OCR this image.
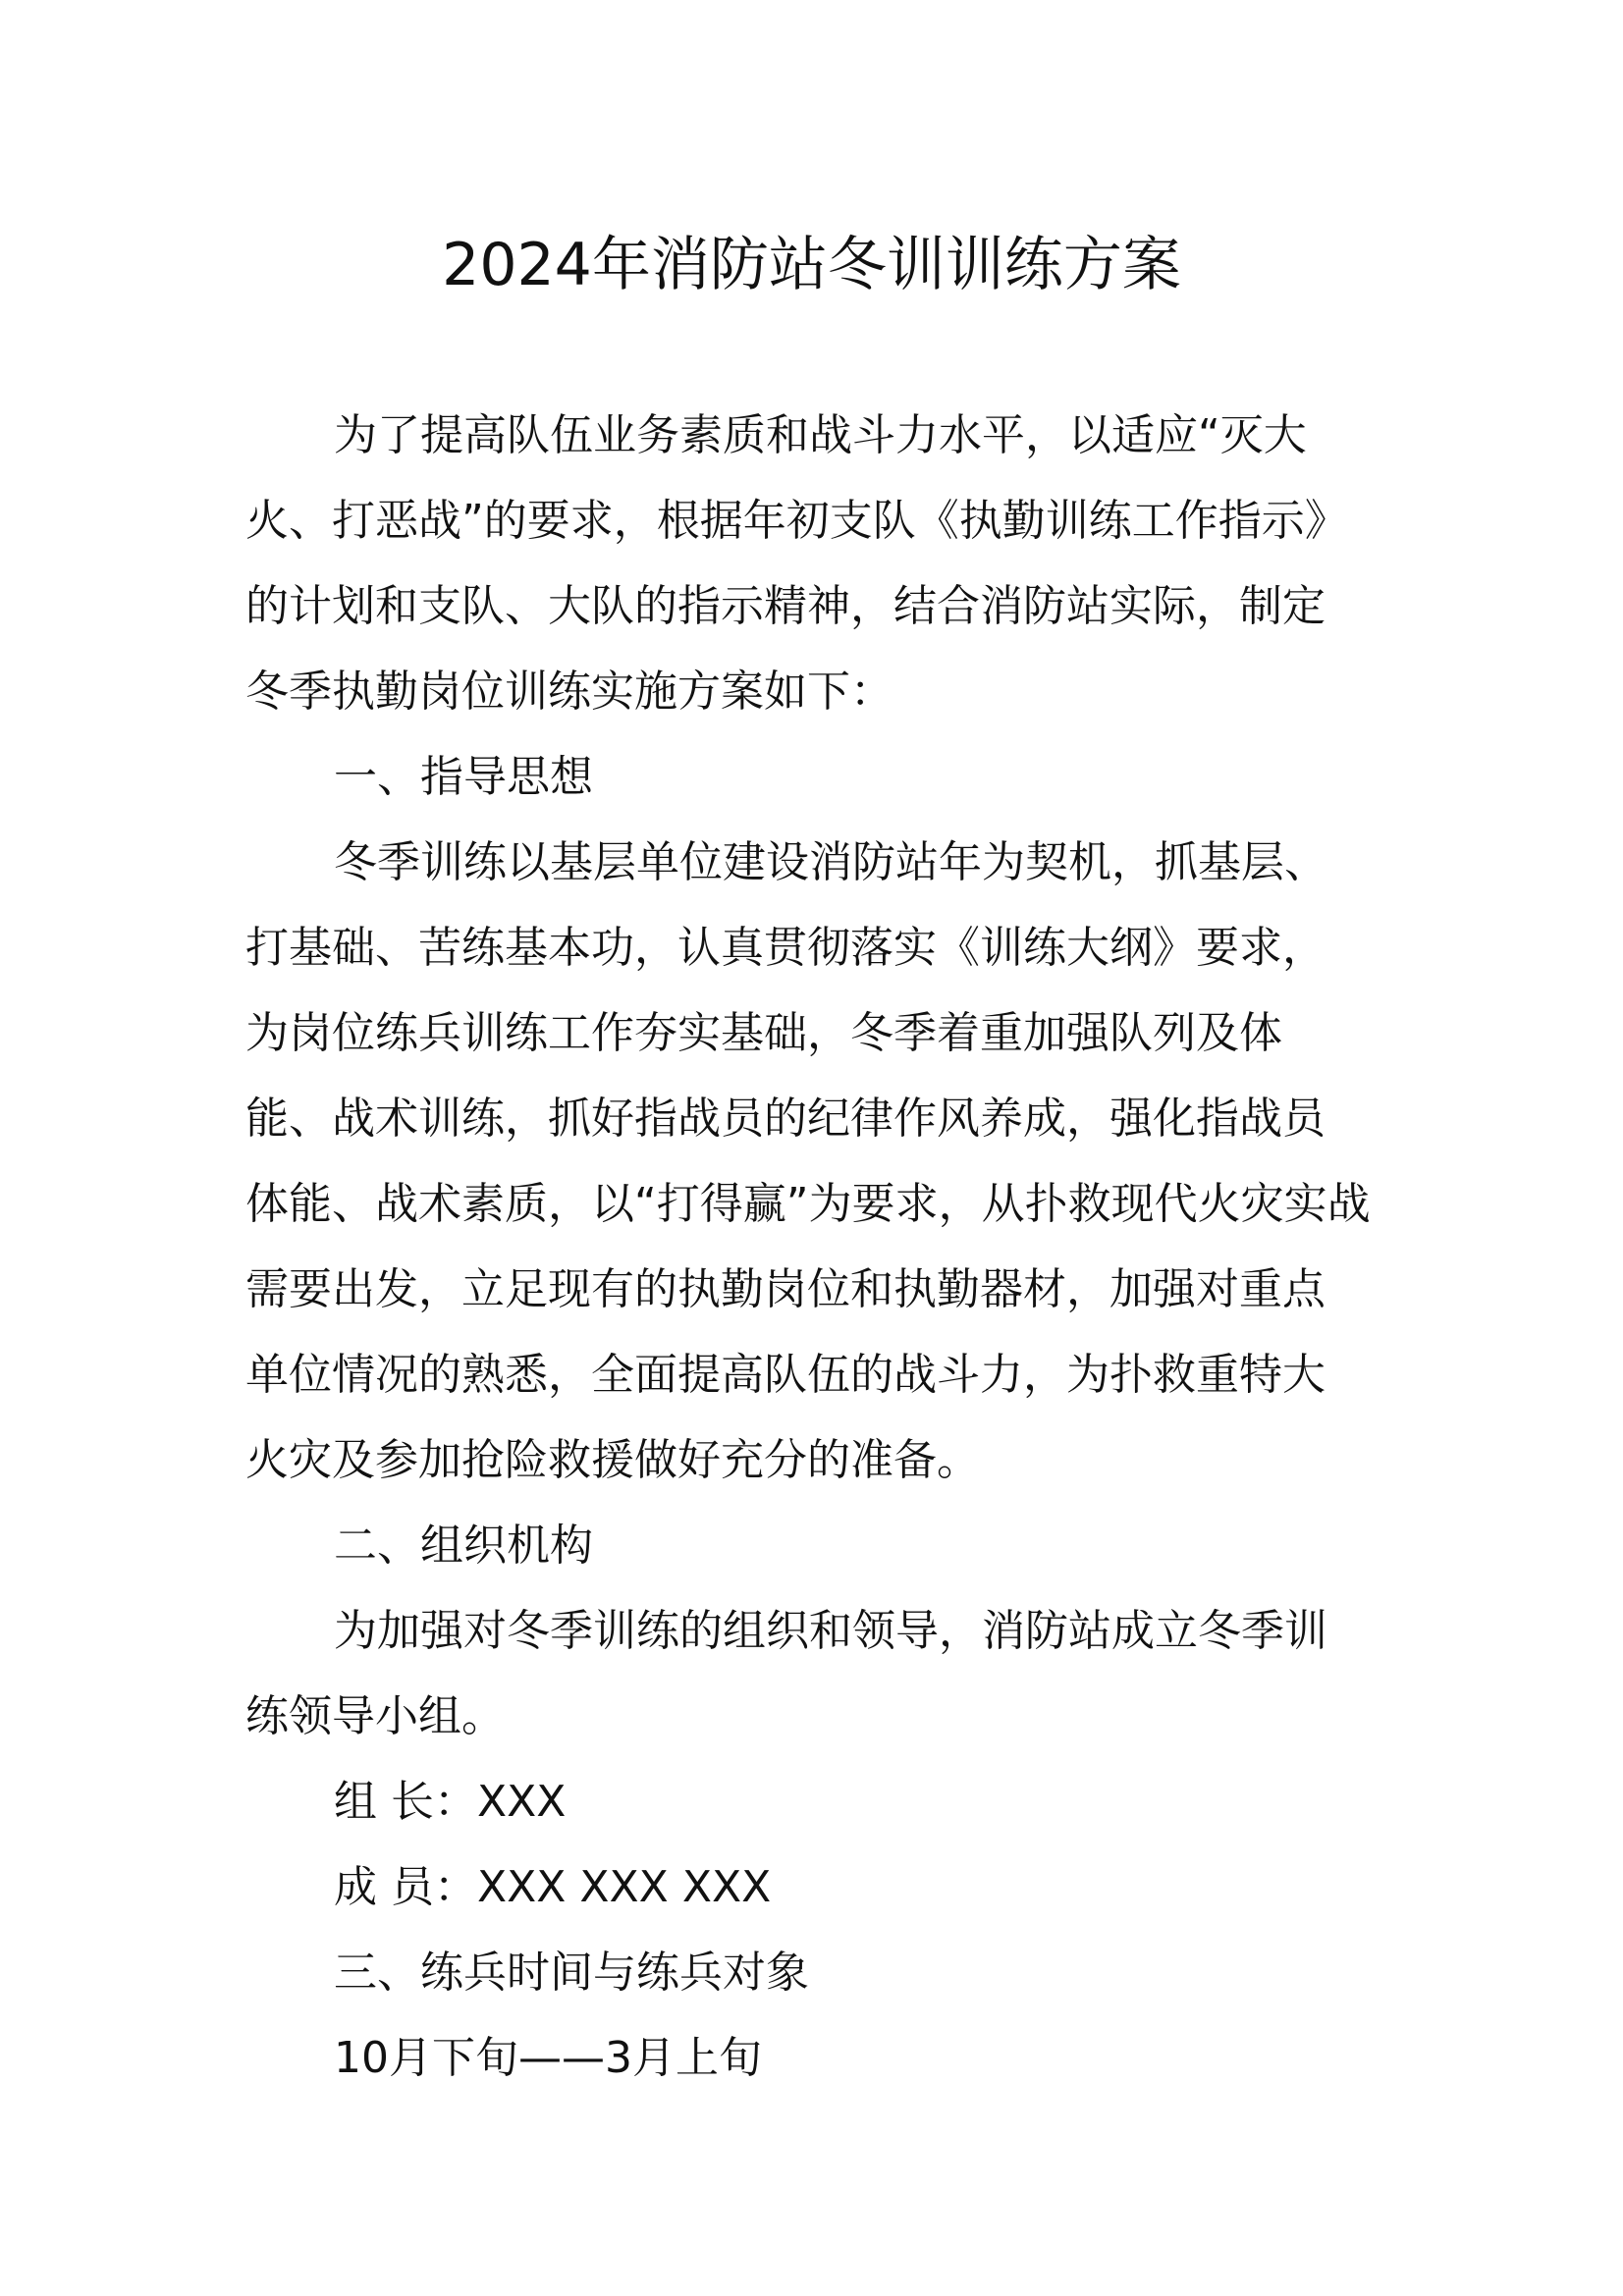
2024年消防站冬训训练方案
为了提高队伍业务素质和战斗力水平，以适应“灭大
火、打恶战”的要求，根据年初支队《执勤训练工作指示》
的计划和支队、大队的指示精神，结合消防站实际，制定
冬季执勤岗位训练实施方案如下：
一、指导思想
冬季训练以基层单位建设消防站年为契机，抓基层、
打基础、苦练基本功，认真贯彻落实《训练大纲》要求，
为岗位练兵训练工作夯实基础，冬季着重加强队列及体
能、战术训练，抓好指战员的纪律作风养成，强化指战员
体能、战术素质，以“打得赢”为要求，从扑救现代火灾实战
需要出发，立足现有的执勤岗位和执勤器材，加强对重点
单位情况的熟悉，全面提高队伍的战斗力，为扑救重特大
火灾及参加抢险救援做好充分的准备。
二、组织机构
为加强对冬季训练的组织和领导，消防站成立冬季训
练领导小组。
组 长：XXX
成 员：XXX XXX XXX
三、练兵时间与练兵对象
10月下旬——3月上旬
